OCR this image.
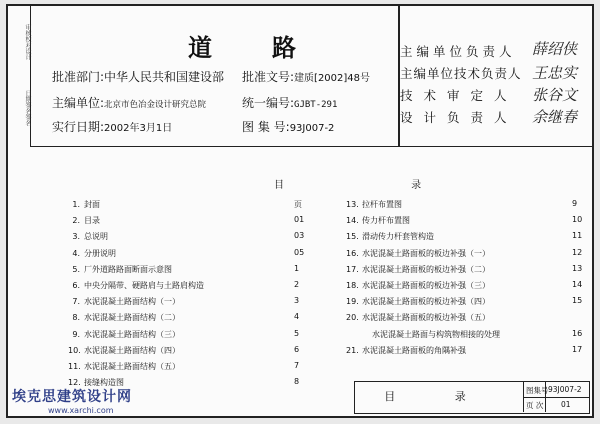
审核校对设计
日期签名签名
道　路
批准部门:中华人民共和国建设部
主编单位:北京市色冶金设计研究总院
实行日期:2002年3月1日
批准文号:建质[2002]48号
统一编号:GJBT-291
图 集 号:93J007-2
主编单位负责人 薛绍侠
主编单位技术负责人 王忠实
技术审定人 张谷文
设计负责人 余继春
目 录
1. 封面	页
2. 目录	01
3. 总说明	03
4. 分册说明	05
5. 厂外道路路面断面示意图	1
6. 中央分隔带、硬路肩与土路肩构造	2
7. 水泥混凝土路面结构（一）	3
8. 水泥混凝土路面结构（二）	4
9. 水泥混凝土路面结构（三）	5
10. 水泥混凝土路面结构（四）	6
11. 水泥混凝土路面结构（五）	7
12. 接缝构造图	8
13. 拉杆布置图	9
14. 传力杆布置图	10
15. 滑动传力杆套管构造	11
16. 水泥混凝土路面板的板边补强（一）	12
17. 水泥混凝土路面板的板边补强（二）	13
18. 水泥混凝土路面板的板边补强（三）	14
19. 水泥混凝土路面板的板边补强（四）	15
20. 水泥混凝土路面板的板边补强（五）
水泥混凝土路面与构筑物相接的处理	16
21. 水泥混凝土路面板的角隅补强	17
目 录	图集号 93J007-2
页 次 01
埃克思建筑设计网
www.xarchi.com
